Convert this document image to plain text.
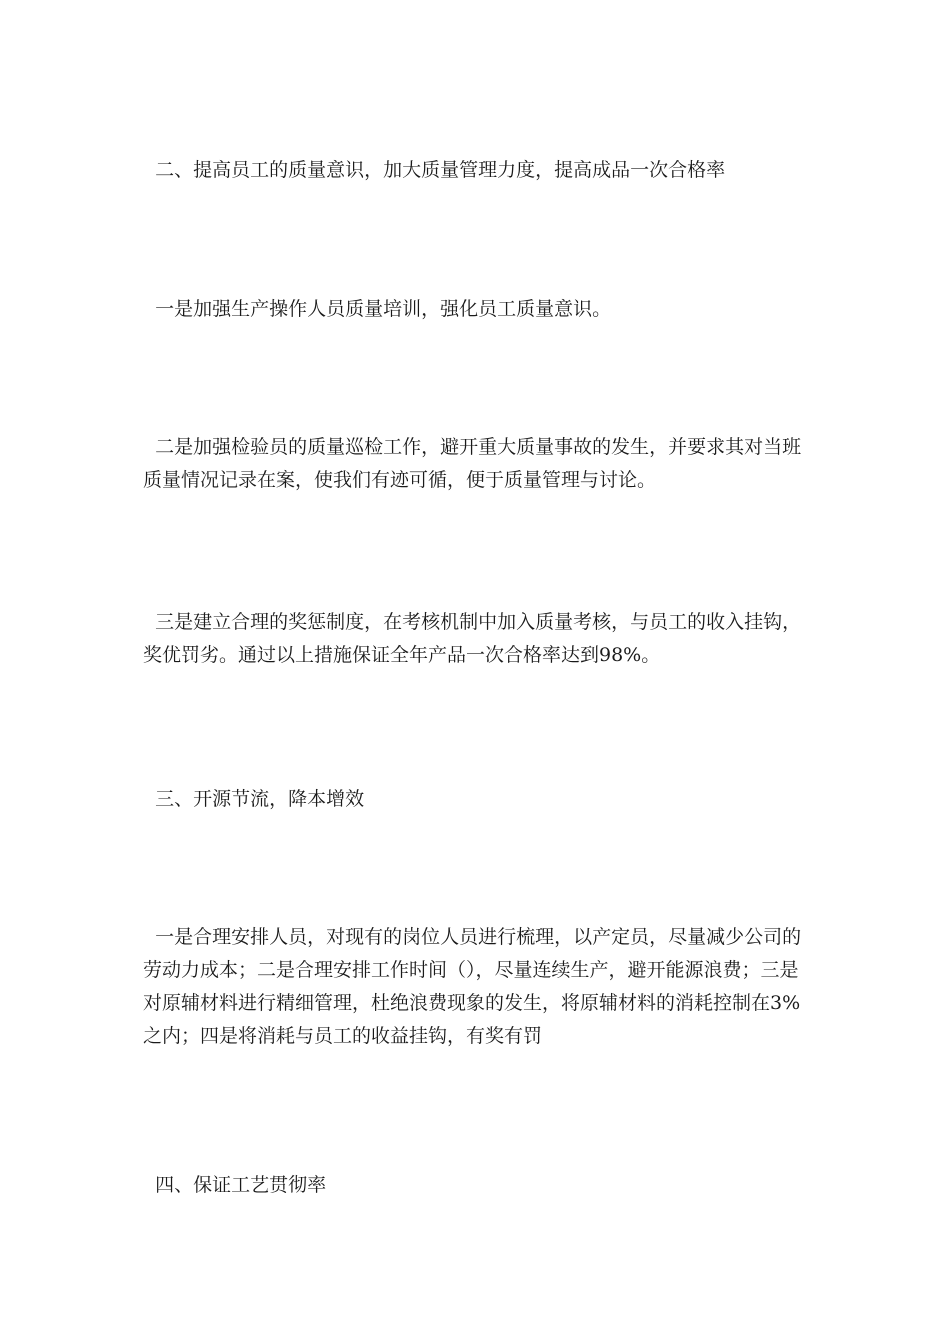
二、提高员工的质量意识，加大质量管理力度，提高成品一次合格率

一是加强生产操作人员质量培训，强化员工质量意识。

二是加强检验员的质量巡检工作，避开重大质量事故的发生，并要求其对当班质量情况记录在案，使我们有迹可循，便于质量管理与讨论。

三是建立合理的奖惩制度，在考核机制中加入质量考核，与员工的收入挂钩，奖优罚劣。通过以上措施保证全年产品一次合格率达到98%。

三、开源节流，降本增效

一是合理安排人员，对现有的岗位人员进行梳理，以产定员，尽量减少公司的劳动力成本；二是合理安排工作时间（），尽量连续生产，避开能源浪费；三是对原辅材料进行精细管理，杜绝浪费现象的发生，将原辅材料的消耗控制在3%之内；四是将消耗与员工的收益挂钩，有奖有罚

四、保证工艺贯彻率
